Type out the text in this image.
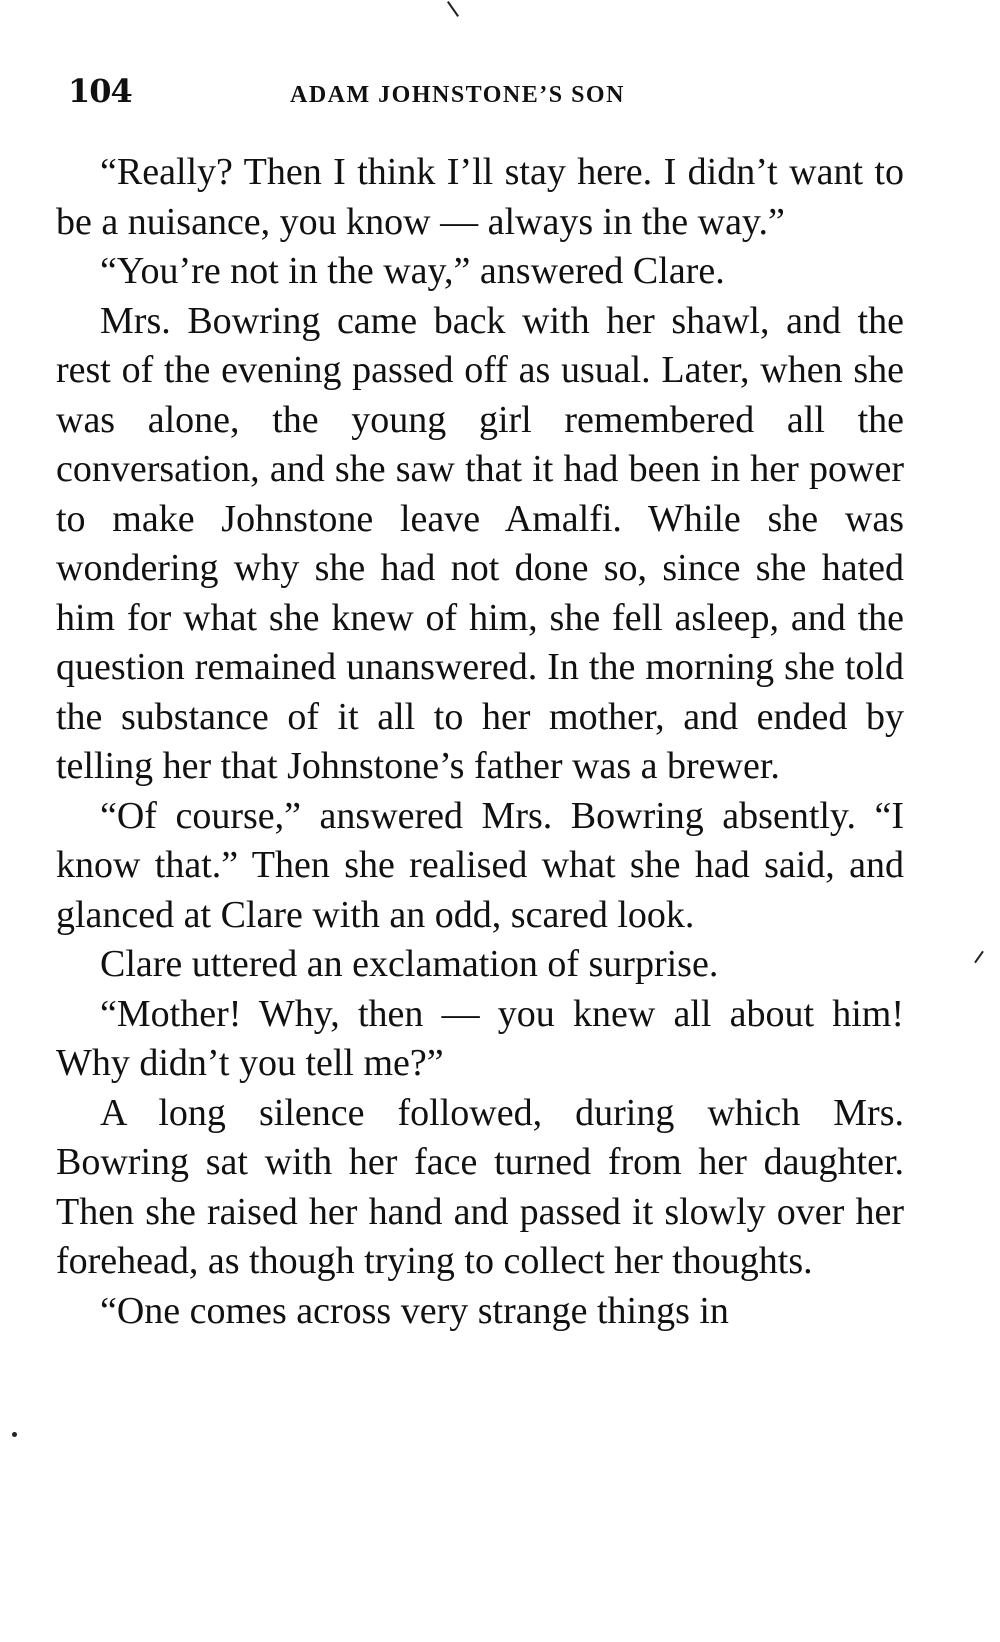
104	ADAM JOHNSTONE’S SON

“Really? Then I think I’ll stay here. I didn’t want to be a nuisance, you know — always in the way.”

“You’re not in the way,” answered Clare.

Mrs. Bowring came back with her shawl, and the rest of the evening passed off as usual. Later, when she was alone, the young girl remembered all the conversation, and she saw that it had been in her power to make Johnstone leave Amalfi. While she was wondering why she had not done so, since she hated him for what she knew of him, she fell asleep, and the question remained unanswered. In the morning she told the substance of it all to her mother, and ended by telling her that Johnstone’s father was a brewer.

“Of course,” answered Mrs. Bowring absently. “I know that.” Then she realised what she had said, and glanced at Clare with an odd, scared look.

Clare uttered an exclamation of surprise.

“Mother! Why, then — you knew all about him! Why didn’t you tell me?”

A long silence followed, during which Mrs. Bowring sat with her face turned from her daughter. Then she raised her hand and passed it slowly over her forehead, as though trying to collect her thoughts.

“One comes across very strange things in
